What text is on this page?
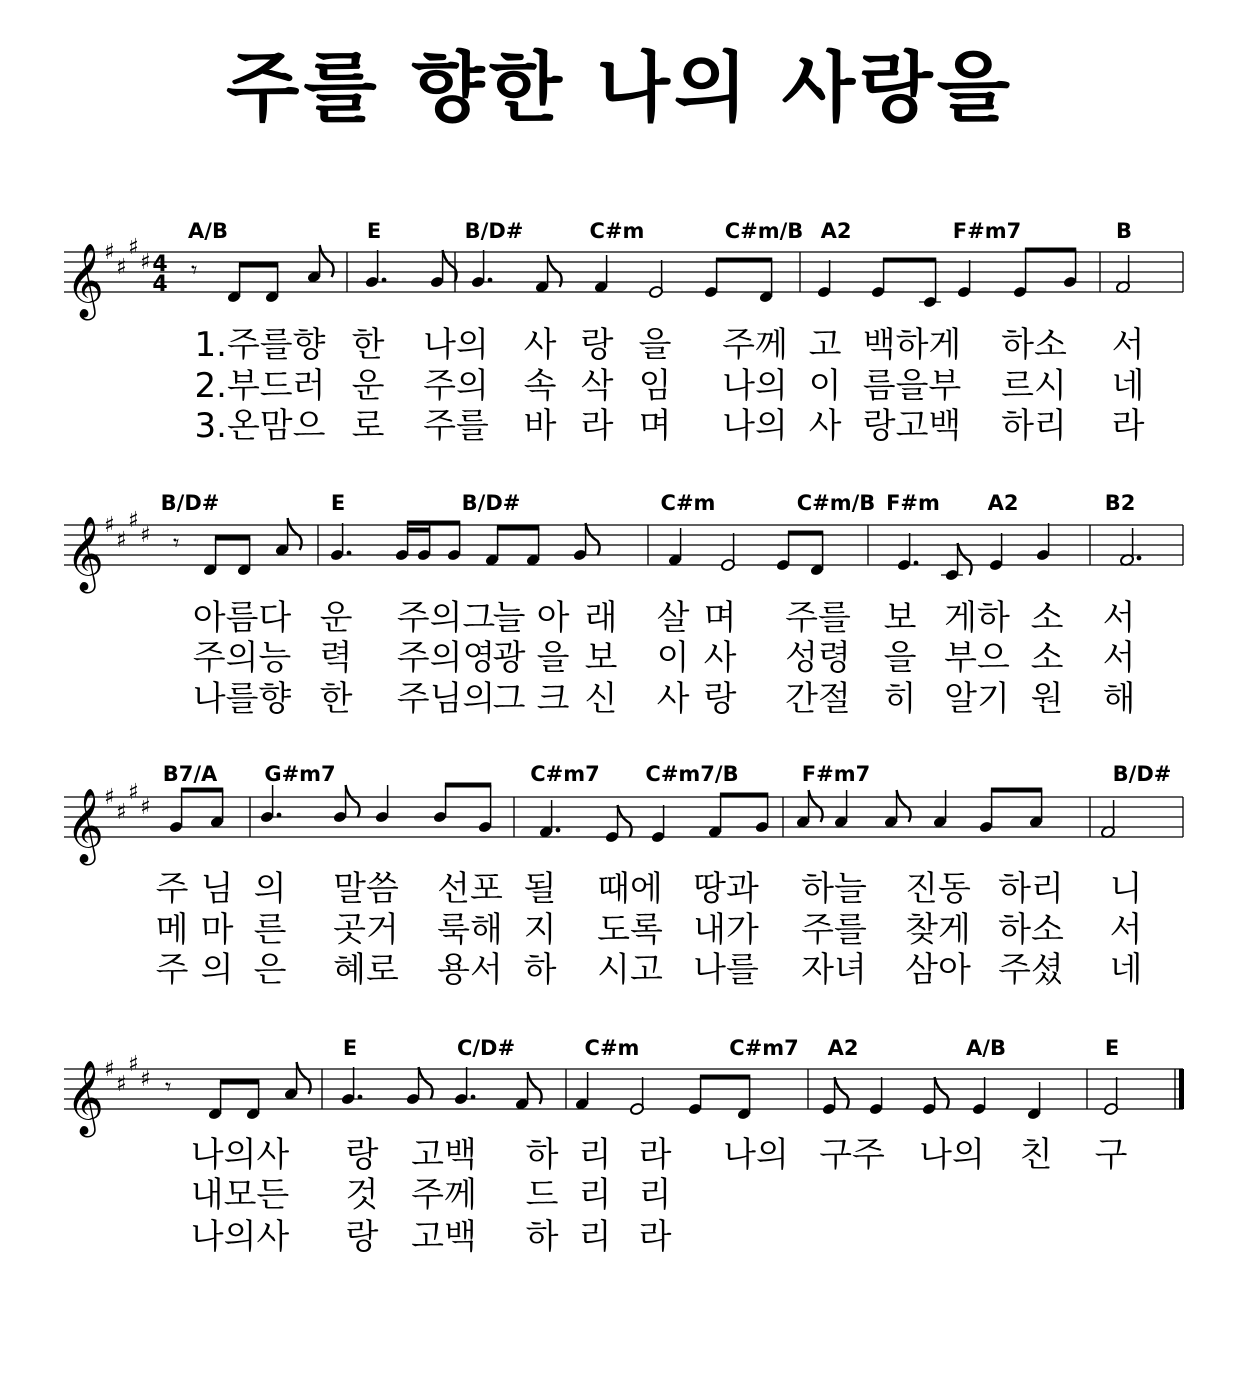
주를 향한 나의 사랑을
𝄞 ♯
♯
♯
♯ 4
4
A/B	E	B/D#	C#m	C#m/B A2	F#m7	B
𝄾
1.주를향 한 나의 사 랑 을 주께 고 백하게 하소 서
2.부드러 운 주의 속 삭 임 나의 이 름을부 르시 네
3.온맘으 로 주를 바 라 며 나의 사 랑고백 하리 라
𝄞 ♯
♯
♯
♯
B/D#	E	B/D#	C#m	C#m/B F#m A2	B2
𝄾
아름다 운 주의그
늘 아 래 살 며 주를 보 게하 소 서
주의능 력 주의영
광 을 보 이 사 성령 을 부으 소 서
나를향 한 주님의
그 크 신 사 랑 간절 히 알기 원 해
𝄞 ♯
♯
♯
♯
B7/A G#m7	C#m7 C#m7/B	F#m7	B/D#
주 님 의 말씀 선포 될 때에 땅과 하늘 진동 하리 니
메 마 른 곳거 룩해 지 도록 내가 주를 찾게 하소 서
주 의 은 혜로 용서 하 시고 나를 자녀 삼아 주셨 네
𝄞 ♯
♯
♯
♯
E	C/D#	C#m	C#m7 A2	A/B	E
𝄾
나의사 랑 고백 하 리 라 나의 구주 나의 친 구
내모든 것 주께 드 리 리
나의사 랑 고백 하 리 라
